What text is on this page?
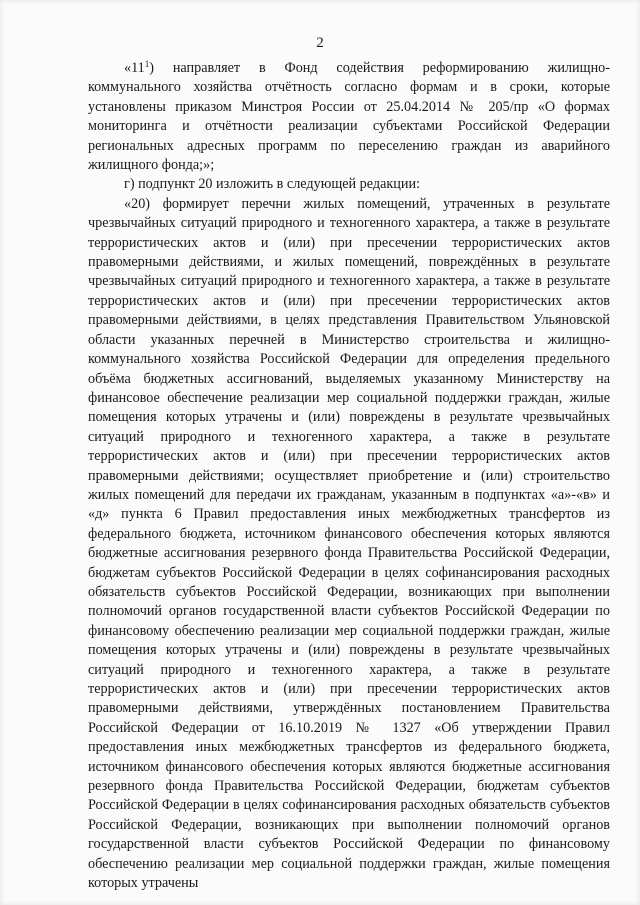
2

«$11^1$) направляет в Фонд содействия реформированию жилищно-коммунального хозяйства отчётность согласно формам и в сроки, которые установлены приказом Минстроя России от 25.04.2014 № 205/пр «О формах мониторинга и отчётности реализации субъектами Российской Федерации региональных адресных программ по переселению граждан из аварийного жилищного фонда;»;

г) подпункт 20 изложить в следующей редакции:

«20) формирует перечни жилых помещений, утраченных в результате чрезвычайных ситуаций природного и техногенного характера, а также в результате террористических актов и (или) при пресечении террористических актов правомерными действиями, и жилых помещений, повреждённых в результате чрезвычайных ситуаций природного и техногенного характера, а также в результате террористических актов и (или) при пресечении террористических актов правомерными действиями, в целях представления Правительством Ульяновской области указанных перечней в Министерство строительства и жилищно-коммунального хозяйства Российской Федерации для определения предельного объёма бюджетных ассигнований, выделяемых указанному Министерству на финансовое обеспечение реализации мер социальной поддержки граждан, жилые помещения которых утрачены и (или) повреждены в результате чрезвычайных ситуаций природного и техногенного характера, а также в результате террористических актов и (или) при пресечении террористических актов правомерными действиями; осуществляет приобретение и (или) строительство жилых помещений для передачи их гражданам, указанным в подпунктах «а»-«в» и «д» пункта 6 Правил предоставления иных межбюджетных трансфертов из федерального бюджета, источником финансового обеспечения которых являются бюджетные ассигнования резервного фонда Правительства Российской Федерации, бюджетам субъектов Российской Федерации в целях софинансирования расходных обязательств субъектов Российской Федерации, возникающих при выполнении полномочий органов государственной власти субъектов Российской Федерации по финансовому обеспечению реализации мер социальной поддержки граждан, жилые помещения которых утрачены и (или) повреждены в результате чрезвычайных ситуаций природного и техногенного характера, а также в результате террористических актов и (или) при пресечении террористических актов правомерными действиями, утверждённых постановлением Правительства Российской Федерации от 16.10.2019 № 1327 «Об утверждении Правил предоставления иных межбюджетных трансфертов из федерального бюджета, источником финансового обеспечения которых являются бюджетные ассигнования резервного фонда Правительства Российской Федерации, бюджетам субъектов Российской Федерации в целях софинансирования расходных обязательств субъектов Российской Федерации, возникающих при выполнении полномочий органов государственной власти субъектов Российской Федерации по финансовому обеспечению реализации мер социальной поддержки граждан, жилые помещения которых утрачены
